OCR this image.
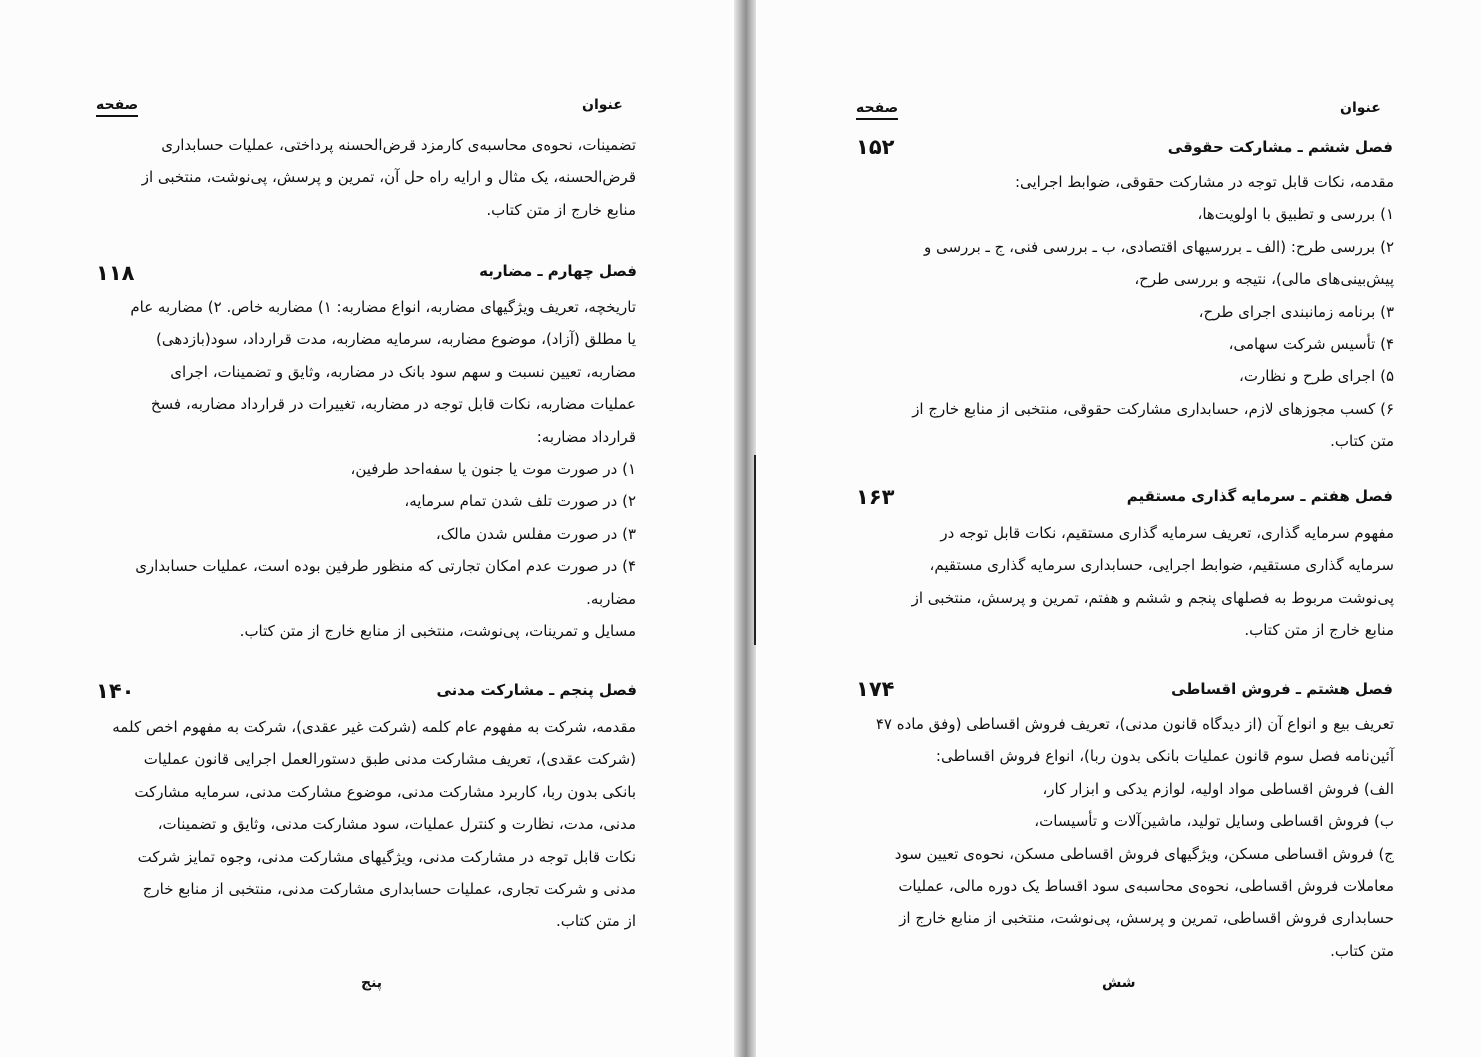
عنوان
صفحه
تضمینات، نحوه‌ی محاسبه‌ی کارمزد قرض‌الحسنه پرداختی، عملیات حسابداری
قرض‌الحسنه، یک مثال و ارایه راه حل آن، تمرین و پرسش، پی‌نوشت، منتخبی از
منابع خارج از متن کتاب.
فصل چهارم ـ مضاربه
۱۱۸
تاریخچه، تعریف ویژگیهای مضاربه، انواع مضاربه: ۱) مضاربه خاص. ۲) مضاربه عام
یا مطلق (آزاد)، موضوع مضاربه، سرمایه مضاربه، مدت قرارداد، سود(بازدهی)
مضاربه، تعیین نسبت و سهم سود بانک در مضاربه، وثایق و تضمینات، اجرای
عملیات مضاربه، نکات قابل توجه در مضاربه، تغییرات در قرارداد مضاربه، فسخ
قرارداد مضاربه:
۱) در صورت موت یا جنون یا سفه‌احد طرفین،
۲) در صورت تلف شدن تمام سرمایه،
۳) در صورت مفلس شدن مالک،
۴) در صورت عدم امکان تجارتی که منظور طرفین بوده است، عملیات حسابداری
مضاربه.
مسایل و تمرینات، پی‌نوشت، منتخبی از منابع خارج از متن کتاب.
فصل پنجم ـ مشارکت مدنی
۱۴۰
مقدمه، شرکت به مفهوم عام کلمه (شرکت غیر عقدی)، شرکت به مفهوم اخص کلمه
(شرکت عقدی)، تعریف مشارکت مدنی طبق دستورالعمل اجرایی قانون عملیات
بانکی بدون ربا، کاربرد مشارکت مدنی، موضوع مشارکت مدنی، سرمایه مشارکت
مدنی، مدت، نظارت و کنترل عملیات، سود مشارکت مدنی، وثایق و تضمینات،
نکات قابل توجه در مشارکت مدنی، ویژگیهای مشارکت مدنی، وجوه تمایز شرکت
مدنی و شرکت تجاری، عملیات حسابداری مشارکت مدنی، منتخبی از منابع خارج
از متن کتاب.
پنج
عنوان
صفحه
فصل ششم ـ مشارکت حقوقی
۱۵۲
مقدمه، نکات قابل توجه در مشارکت حقوقی، ضوابط اجرایی:
۱) بررسی و تطبیق با اولویت‌ها،
۲) بررسی طرح: (الف ـ بررسیهای اقتصادی، ب ـ بررسی فنی، ج ـ بررسی و
پیش‌بینی‌های مالی)، نتیجه و بررسی طرح،
۳) برنامه زمانبندی اجرای طرح،
۴) تأسیس شرکت سهامی،
۵) اجرای طرح و نظارت،
۶) کسب مجوزهای لازم، حسابداری مشارکت حقوقی، منتخبی از منابع خارج از
متن کتاب.
فصل هفتم ـ سرمایه گذاری مستقیم
۱۶۳
مفهوم سرمایه گذاری، تعریف سرمایه گذاری مستقیم، نکات قابل توجه در
سرمایه گذاری مستقیم، ضوابط اجرایی، حسابداری سرمایه گذاری مستقیم،
پی‌نوشت مربوط به فصلهای پنجم و ششم و هفتم، تمرین و پرسش، منتخبی از
منابع خارج از متن کتاب.
فصل هشتم ـ فروش اقساطی
۱۷۴
تعریف بیع و انواع آن (از دیدگاه قانون مدنی)، تعریف فروش اقساطی (وفق ماده ۴۷
آئین‌نامه فصل سوم قانون عملیات بانکی بدون ربا)، انواع فروش اقساطی:
الف) فروش اقساطی مواد اولیه، لوازم یدکی و ابزار کار،
ب) فروش اقساطی وسایل تولید، ماشین‌آلات و تأسیسات،
ج) فروش اقساطی مسکن، ویژگیهای فروش اقساطی مسکن، نحوه‌ی تعیین سود
معاملات فروش اقساطی، نحوه‌ی محاسبه‌ی سود اقساط یک دوره مالی، عملیات
حسابداری فروش اقساطی، تمرین و پرسش، پی‌نوشت، منتخبی از منابع خارج از
متن کتاب.
شش
